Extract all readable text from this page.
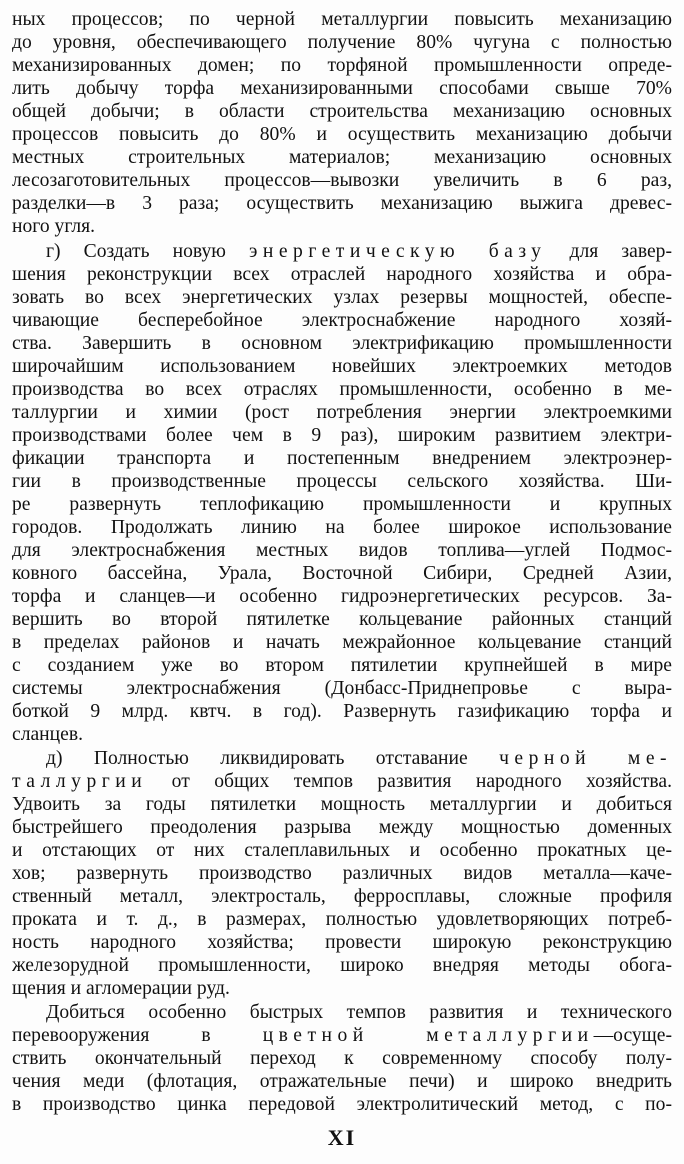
ных процессов; по черной металлургии повысить механизацию
до уровня, обеспечивающего получение 80% чугуна с полностью
механизированных домен; по торфяной промышленности опреде-
лить добычу торфа механизированными способами свыше 70%
общей добычи; в области строительства механизацию основных
процессов повысить до 80% и осуществить механизацию добычи
местных строительных материалов; механизацию основных
лесозаготовительных процессов—вывозки увеличить в 6 раз,
разделки—в 3 раза; осуществить механизацию выжига древес-
ного угля.
г) Создать новую энергетическую базу для завер-
шения реконструкции всех отраслей народного хозяйства и обра-
зовать во всех энергетических узлах резервы мощностей, обеспе-
чивающие бесперебойное электроснабжение народного хозяй-
ства. Завершить в основном электрификацию промышленности
широчайшим использованием новейших электроемких методов
производства во всех отраслях промышленности, особенно в ме-
таллургии и химии (рост потребления энергии электроемкими
производствами более чем в 9 раз), широким развитием электри-
фикации транспорта и постепенным внедрением электроэнер-
гии в производственные процессы сельского хозяйства. Ши-
ре развернуть теплофикацию промышленности и крупных
городов. Продолжать линию на более широкое использование
для электроснабжения местных видов топлива—углей Подмос-
ковного бассейна, Урала, Восточной Сибири, Средней Азии,
торфа и сланцев—и особенно гидроэнергетических ресурсов. За-
вершить во второй пятилетке кольцевание районных станций
в пределах районов и начать межрайонное кольцевание станций
с созданием уже во втором пятилетии крупнейшей в мире
системы электроснабжения (Донбасс-Приднепровье с выра-
боткой 9 млрд. квтч. в год). Развернуть газификацию торфа и
сланцев.
д) Полностью ликвидировать отставание черной ме-
таллургии от общих темпов развития народного хозяйства.
Удвоить за годы пятилетки мощность металлургии и добиться
быстрейшего преодоления разрыва между мощностью доменных
и отстающих от них сталеплавильных и особенно прокатных це-
хов; развернуть производство различных видов металла—каче-
ственный металл, электросталь, ферросплавы, сложные профиля
проката и т. д., в размерах, полностью удовлетворяющих потреб-
ность народного хозяйства; провести широкую реконструкцию
железорудной промышленности, широко внедряя методы обога-
щения и агломерации руд.
Добиться особенно быстрых темпов развития и технического
перевооружения в	цветной металлургии—осуще-
ствить окончательный переход к современному способу полу-
чения меди (флотация, отражательные печи) и широко внедрить
в производство цинка передовой электролитический метод, с по-
XI
